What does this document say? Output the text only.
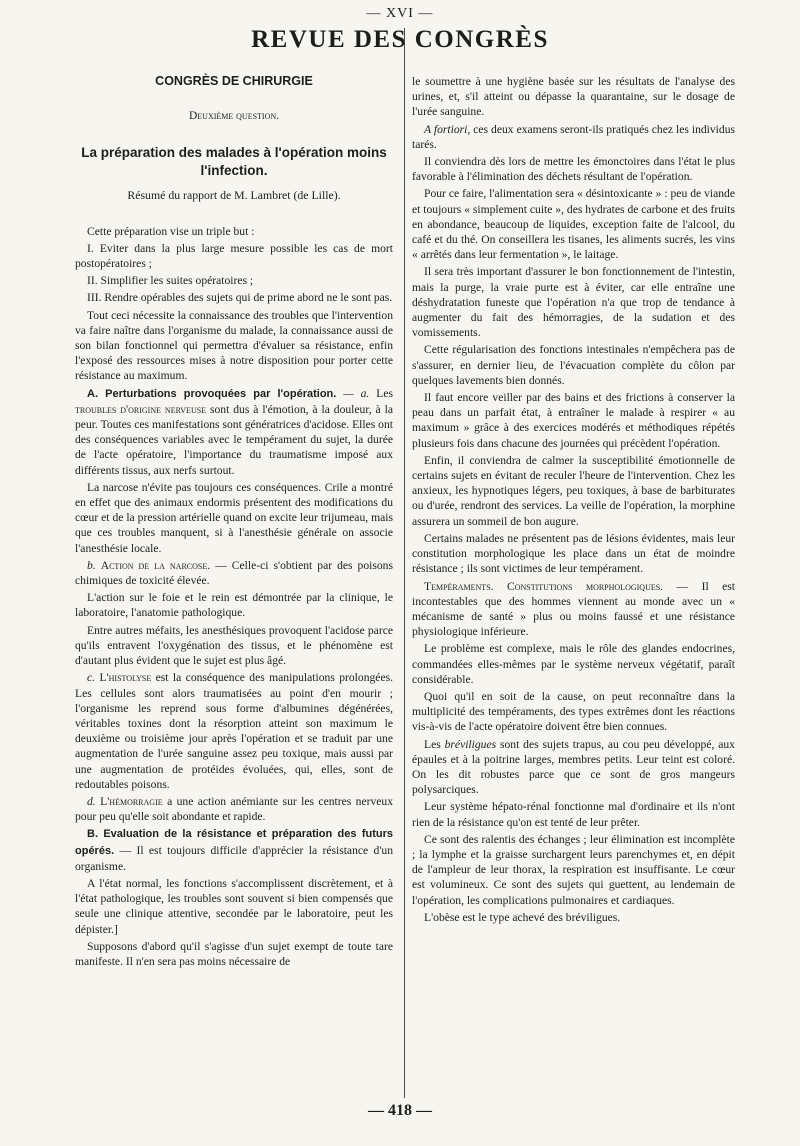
— XVI —
REVUE DES CONGRÈS
CONGRÈS DE CHIRURGIE
Deuxième question.
La préparation des malades à l'opération moins l'infection.
Résumé du rapport de M. Lambret (de Lille).

Cette préparation vise un triple but :

I. Eviter dans la plus large mesure possible les cas de mort postopératoires ;

II. Simplifier les suites opératoires ;

III. Rendre opérables des sujets qui de prime abord ne le sont pas.

Tout ceci nécessite la connaissance des troubles que l'intervention va faire naître dans l'organisme du malade, la connaissance aussi de son bilan fonctionnel qui permettra d'évaluer sa résistance, enfin l'exposé des ressources mises à notre disposition pour porter cette résistance au maximum.

A. Perturbations provoquées par l'opération. — a. Les troubles d'origine nerveuse sont dus à l'émotion, à la douleur, à la peur. Toutes ces manifestations sont génératrices d'acidose. Elles ont des conséquences variables avec le tempérament du sujet, la durée de l'acte opératoire, l'importance du traumatisme imposé aux différents tissus, aux nerfs surtout.

La narcose n'évite pas toujours ces conséquences. Crile a montré en effet que des animaux endormis présentent des modifications du cœur et de la pression artérielle quand on excite leur trijumeau, mais que ces troubles manquent, si à l'anesthésie générale on associe l'anesthésie locale.

b. Action de la narcose. — Celle-ci s'obtient par des poisons chimiques de toxicité élevée.

L'action sur le foie et le rein est démontrée par la clinique, le laboratoire, l'anatomie pathologique.

Entre autres méfaits, les anesthésiques provoquent l'acidose parce qu'ils entravent l'oxygénation des tissus, et le phénomène est d'autant plus évident que le sujet est plus âgé.

c. L'histolyse est la conséquence des manipulations prolongées. Les cellules sont alors traumatisées au point d'en mourir ; l'organisme les reprend sous forme d'albumines dégénérées, véritables toxines dont la résorption atteint son maximum le deuxième ou troisième jour après l'opération et se traduit par une augmentation de l'urée sanguine assez peu toxique, mais aussi par une augmentation de protéides évoluées, qui, elles, sont de redoutables poisons.

d. L'hémorragie a une action anémiante sur les centres nerveux pour peu qu'elle soit abondante et rapide.

B. Evaluation de la résistance et préparation des futurs opérés. — Il est toujours difficile d'apprécier la résistance d'un organisme.

A l'état normal, les fonctions s'accomplissent discrètement, et à l'état pathologique, les troubles sont souvent si bien compensés que seule une clinique attentive, secondée par le laboratoire, peut les dépister.]

Supposons d'abord qu'il s'agisse d'un sujet exempt de toute tare manifeste. Il n'en sera pas moins nécessaire de

le soumettre à une hygiène basée sur les résultats de l'analyse des urines, et, s'il atteint ou dépasse la quarantaine, sur le dosage de l'urée sanguine.

A fortiori, ces deux examens seront-ils pratiqués chez les individus tarés.

Il conviendra dès lors de mettre les émonctoires dans l'état le plus favorable à l'élimination des déchets résultant de l'opération.

Pour ce faire, l'alimentation sera « désintoxicante » : peu de viande et toujours « simplement cuite », des hydrates de carbone et des fruits en abondance, beaucoup de liquides, exception faite de l'alcool, du café et du thé. On conseillera les tisanes, les aliments sucrés, les vins « arrêtés dans leur fermentation », le laitage.

Il sera très important d'assurer le bon fonctionnement de l'intestin, mais la purge, la vraie purte est à éviter, car elle entraîne une déshydratation funeste que l'opération n'a que trop de tendance à augmenter du fait des hémorragies, de la sudation et des vomissements.

Cette régularisation des fonctions intestinales n'empêchera pas de s'assurer, en dernier lieu, de l'évacuation complète du côlon par quelques lavements bien donnés.

Il faut encore veiller par des bains et des frictions à conserver la peau dans un parfait état, à entraîner le malade à respirer « au maximum » grâce à des exercices modérés et méthodiques répétés plusieurs fois dans chacune des journées qui précèdent l'opération.

Enfin, il conviendra de calmer la susceptibilité émotionnelle de certains sujets en évitant de reculer l'heure de l'intervention. Chez les anxieux, les hypnotiques légers, peu toxiques, à base de barbiturates ou d'urée, rendront des services. La veille de l'opération, la morphine assurera un sommeil de bon augure.

Certains malades ne présentent pas de lésions évidentes, mais leur constitution morphologique les place dans un état de moindre résistance ; ils sont victimes de leur tempérament.

Tempéraments. Constitutions morphologiques. — Il est incontestables que des hommes viennent au monde avec un « mécanisme de santé » plus ou moins faussé et une résistance physiologique inférieure.

Le problème est complexe, mais le rôle des glandes endocrines, commandées elles-mêmes par le système nerveux végétatif, paraît considérable.

Quoi qu'il en soit de la cause, on peut reconnaître dans la multiplicité des tempéraments, des types extrêmes dont les réactions vis-à-vis de l'acte opératoire doivent être bien connues.

Les bréviligues sont des sujets trapus, au cou peu développé, aux épaules et à la poitrine larges, membres petits. Leur teint est coloré. On les dit robustes parce que ce sont de gros mangeurs polysarciques.

Leur système hépato-rénal fonctionne mal d'ordinaire et ils n'ont rien de la résistance qu'on est tenté de leur prêter.

Ce sont des ralentis des échanges ; leur élimination est incomplète ; la lymphe et la graisse surchargent leurs parenchymes et, en dépit de l'ampleur de leur thorax, la respiration est insuffisante. Le cœur est volumineux. Ce sont des sujets qui guettent, au lendemain de l'opération, les complications pulmonaires et cardiaques.

L'obèse est le type achevé des bréviligues.

— 418 —
